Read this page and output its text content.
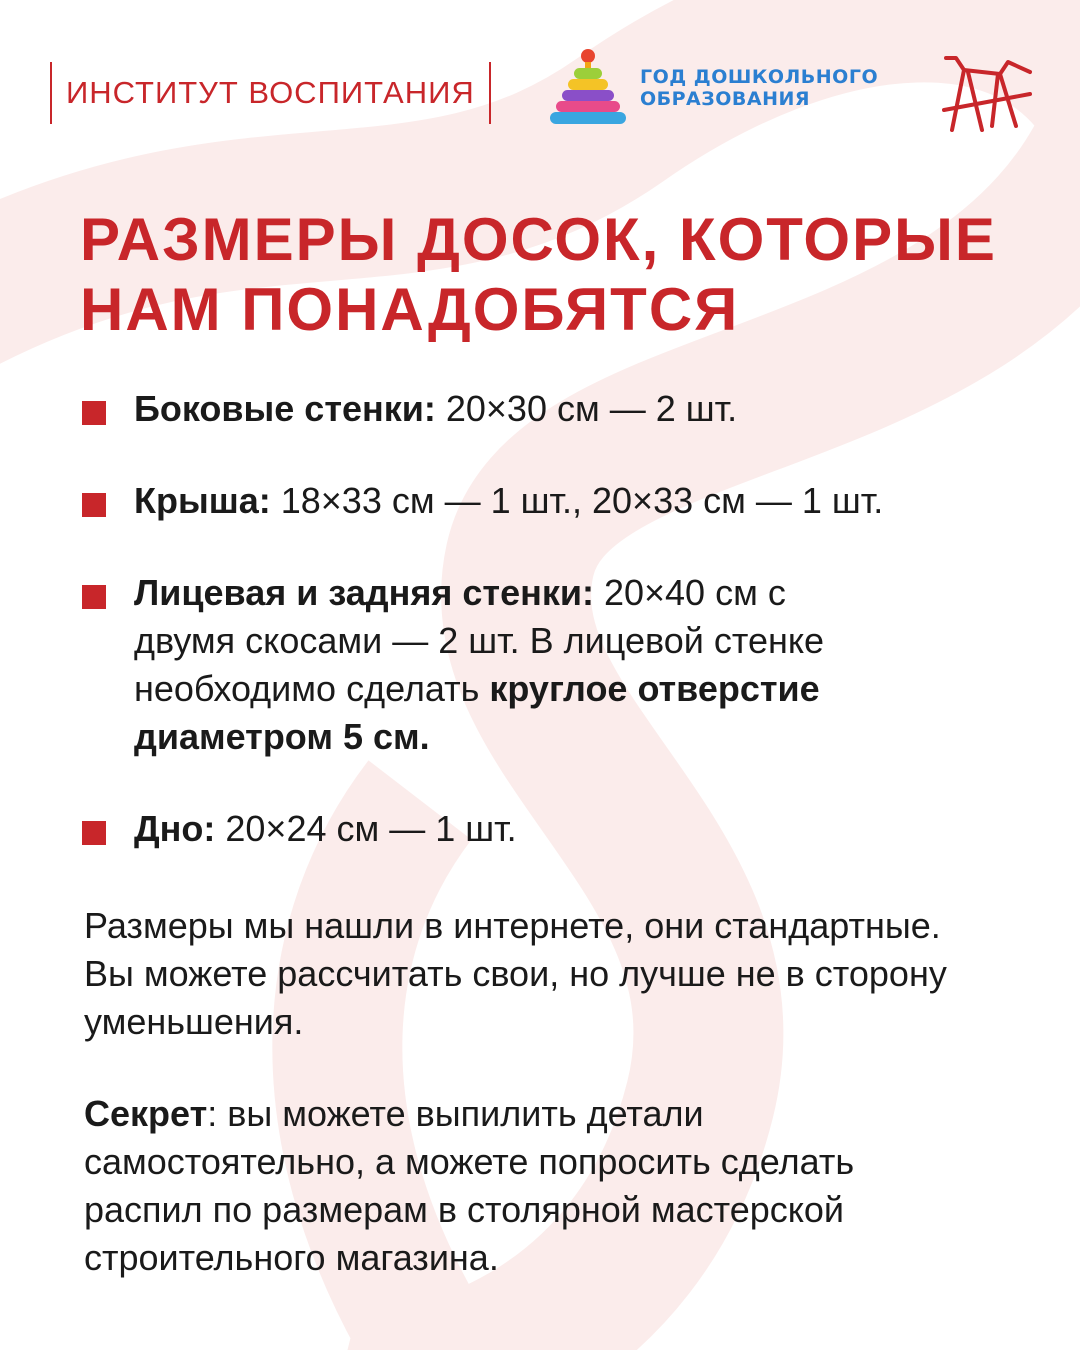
ИНСТИТУТ ВОСПИТАНИЯ	ГОД ДОШКОЛЬНОГО
ОБРАЗОВАНИЯ
РАЗМЕРЫ ДОСОК, КОТОРЫЕ
НАМ ПОНАДОБЯТСЯ
Боковые стенки: 20×30 см — 2 шт.
Крыша: 18×33 см — 1 шт., 20×33 см — 1 шт.
Лицевая и задняя стенки: 20×40 см с двумя скосами — 2 шт. В лицевой стенке необходимо сделать круглое отверстие диаметром 5 см.
Дно: 20×24 см — 1 шт.

Размеры мы нашли в интернете, они стандартные. Вы можете рассчитать свои, но лучше не в сторону уменьшения.

Секрет: вы можете выпилить детали самостоятельно, а можете попросить сделать распил по размерам в столярной мастерской строительного магазина.
